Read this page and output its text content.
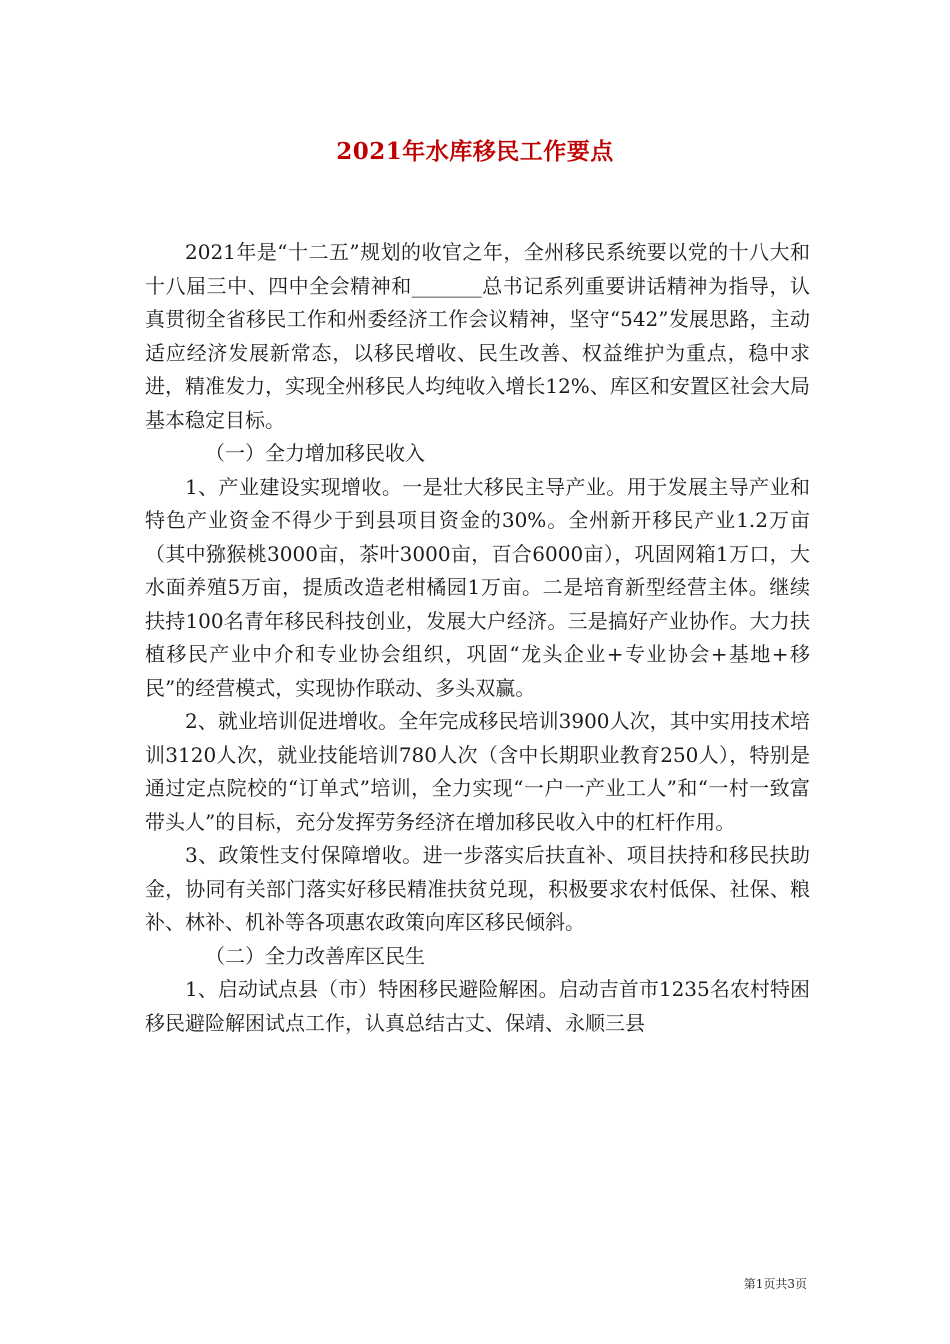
2021年水库移民工作要点

2021年是“十二五”规划的收官之年，全州移民系统要以党的十八大和十八届三中、四中全会精神和_______总书记系列重要讲话精神为指导，认真贯彻全省移民工作和州委经济工作会议精神，坚守“542”发展思路，主动适应经济发展新常态，以移民增收、民生改善、权益维护为重点，稳中求进，精准发力，实现全州移民人均纯收入增长12%、库区和安置区社会大局基本稳定目标。

（一）全力增加移民收入

1、产业建设实现增收。一是壮大移民主导产业。用于发展主导产业和特色产业资金不得少于到县项目资金的30%。全州新开移民产业1.2万亩（其中猕猴桃3000亩，茶叶3000亩，百合6000亩），巩固网箱1万口，大水面养殖5万亩，提质改造老柑橘园1万亩。二是培育新型经营主体。继续扶持100名青年移民科技创业，发展大户经济。三是搞好产业协作。大力扶植移民产业中介和专业协会组织，巩固“龙头企业+专业协会+基地+移民”的经营模式，实现协作联动、多头双赢。

2、就业培训促进增收。全年完成移民培训3900人次，其中实用技术培训3120人次，就业技能培训780人次（含中长期职业教育250人），特别是通过定点院校的“订单式”培训，全力实现“一户一产业工人”和“一村一致富带头人”的目标，充分发挥劳务经济在增加移民收入中的杠杆作用。

3、政策性支付保障增收。进一步落实后扶直补、项目扶持和移民扶助金，协同有关部门落实好移民精准扶贫兑现，积极要求农村低保、社保、粮补、林补、机补等各项惠农政策向库区移民倾斜。

（二）全力改善库区民生

1、启动试点县（市）特困移民避险解困。启动吉首市1235名农村特困移民避险解困试点工作，认真总结古丈、保靖、永顺三县

第1页共3页
